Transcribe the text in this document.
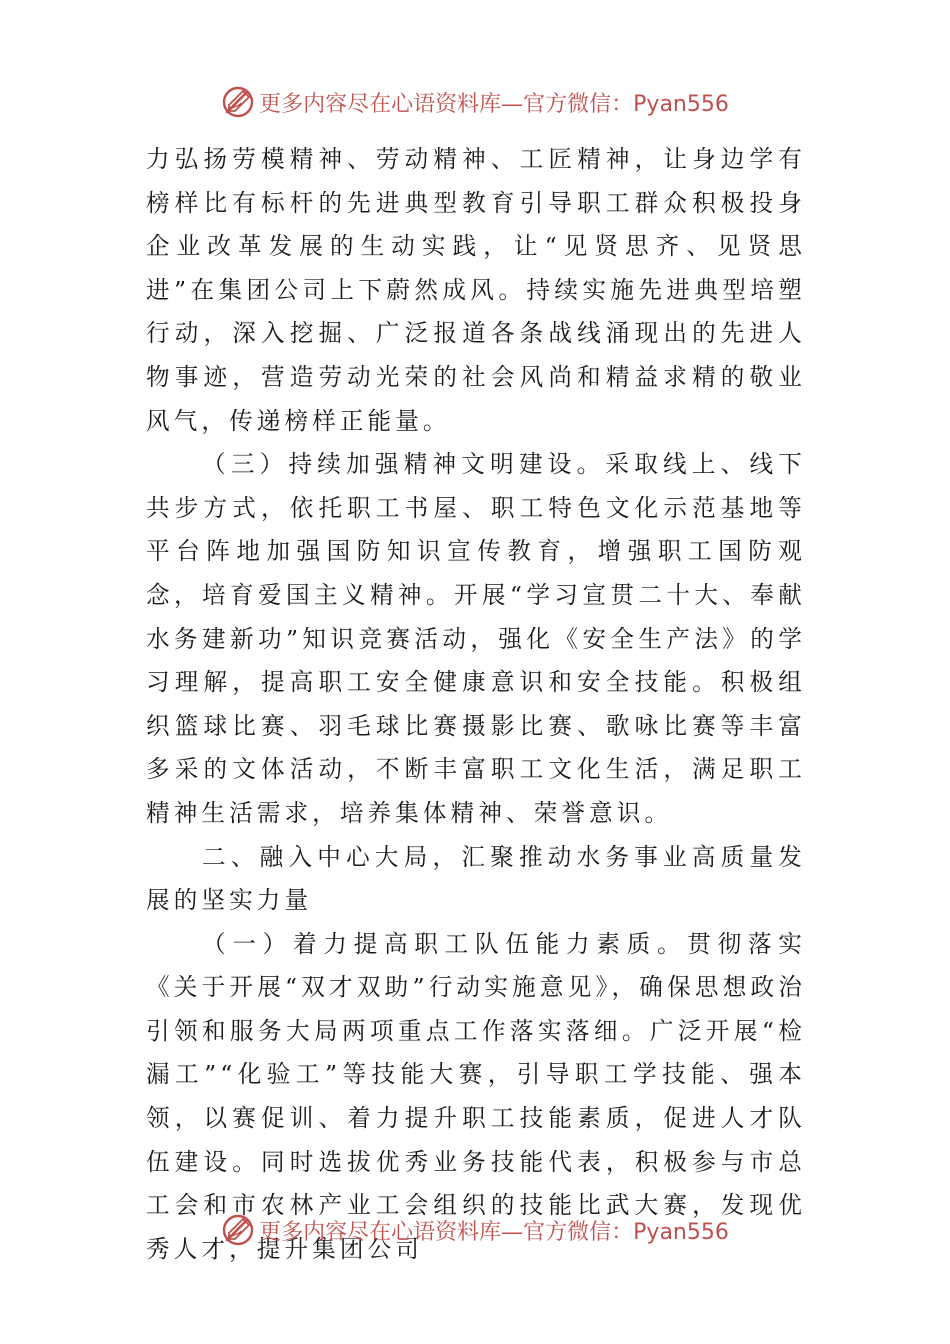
更多内容尽在心语资料库—官方微信：Pyan556

力弘扬劳模精神、劳动精神、工匠精神，让身边学有榜样比有标杆的先进典型教育引导职工群众积极投身企业改革发展的生动实践，让“见贤思齐、见贤思进”在集团公司上下蔚然成风。持续实施先进典型培塑行动，深入挖掘、广泛报道各条战线涌现出的先进人物事迹，营造劳动光荣的社会风尚和精益求精的敬业风气，传递榜样正能量。

（三）持续加强精神文明建设。采取线上、线下共步方式，依托职工书屋、职工特色文化示范基地等平台阵地加强国防知识宣传教育，增强职工国防观念，培育爱国主义精神。开展“学习宣贯二十大、奉献水务建新功”知识竞赛活动，强化《安全生产法》的学习理解，提高职工安全健康意识和安全技能。积极组织篮球比赛、羽毛球比赛摄影比赛、歌咏比赛等丰富多采的文体活动，不断丰富职工文化生活，满足职工精神生活需求，培养集体精神、荣誉意识。

二、融入中心大局，汇聚推动水务事业高质量发展的坚实力量

（一）着力提高职工队伍能力素质。贯彻落实《关于开展“双才双助”行动实施意见》，确保思想政治引领和服务大局两项重点工作落实落细。广泛开展“检漏工”“化验工”等技能大赛，引导职工学技能、强本领，以赛促训、着力提升职工技能素质，促进人才队伍建设。同时选拔优秀业务技能代表，积极参与市总工会和市农林产业工会组织的技能比武大赛，发现优秀人才，提升集团公司

更多内容尽在心语资料库—官方微信：Pyan556
